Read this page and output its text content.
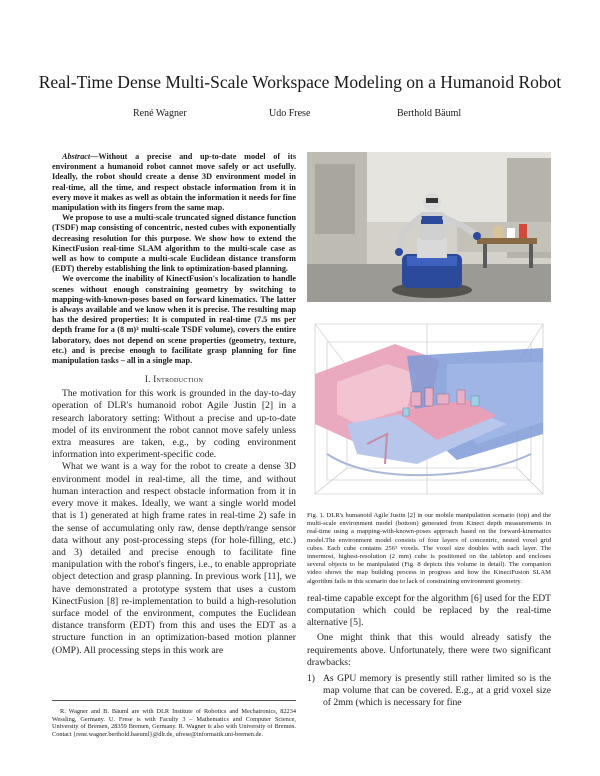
Real-Time Dense Multi-Scale Workspace Modeling on a Humanoid Robot
René Wagner	Udo Frese	Berthold Bäuml

Abstract—Without a precise and up-to-date model of its environment a humanoid robot cannot move safely or act usefully. Ideally, the robot should create a dense 3D environment model in real-time, all the time, and respect obstacle information from it in every move it makes as well as obtain the information it needs for fine manipulation with its fingers from the same map.

We propose to use a multi-scale truncated signed distance function (TSDF) map consisting of concentric, nested cubes with exponentially decreasing resolution for this purpose. We show how to extend the KinectFusion real-time SLAM algorithm to the multi-scale case as well as how to compute a multi-scale Euclidean distance transform (EDT) thereby establishing the link to optimization-based planning.

We overcome the inability of KinectFusion's localization to handle scenes without enough constraining geometry by switching to mapping-with-known-poses based on forward kinematics. The latter is always available and we know when it is precise. The resulting map has the desired properties: It is computed in real-time (7.5 ms per depth frame for a (8 m)³ multi-scale TSDF volume), covers the entire laboratory, does not depend on scene properties (geometry, texture, etc.) and is precise enough to facilitate grasp planning for fine manipulation tasks – all in a single map.

I. Introduction

The motivation for this work is grounded in the day-to-day operation of DLR's humanoid robot Agile Justin [2] in a research laboratory setting: Without a precise and up-to-date model of its environment the robot cannot move safely unless extra measures are taken, e.g., by coding environment information into experiment-specific code.

What we want is a way for the robot to create a dense 3D environment model in real-time, all the time, and without human interaction and respect obstacle information from it in every move it makes. Ideally, we want a single world model that is 1) generated at high frame rates in real-time 2) safe in the sense of accumulating only raw, dense depth/range sensor data without any post-processing steps (for hole-filling, etc.) and 3) detailed and precise enough to facilitate fine manipulation with the robot's fingers, i.e., to enable appropriate object detection and grasp planning. In previous work [11], we have demonstrated a prototype system that uses a custom KinectFusion [8] re-implementation to build a high-resolution surface model of the environment, computes the Euclidean distance transform (EDT) from this and uses the EDT as a structure function in an optimization-based motion planner (OMP). All processing steps in this work are

R. Wagner and B. Bäuml are with DLR Institute of Robotics and Mechatronics, 82234 Wessling, Germany. U. Frese is with Faculty 3 – Mathematics and Computer Science, University of Bremen, 28359 Bremen, Germany. R. Wagner is also with University of Bremen. Contact {rene.wagner.berthold.baeuml}@dlr.de, ufrese@informatik.uni-bremen.de.

Fig. 1. DLR's humanoid Agile Justin [2] in our mobile manipulation scenario (top) and the multi-scale environment model (bottom) generated from Kinect depth measurements in real-time using a mapping-with-known-poses approach based on the forward-kinematics model.The environment model consists of four layers of concentric, nested voxel grid cubes. Each cube contains 256³ voxels. The voxel size doubles with each layer. The innermost, highest-resolution (2 mm) cube is positioned on the tabletop and encloses several objects to be manipulated (Fig. 8 depicts this volume in detail). The companion video shows the map building process in progress and how the KinectFusion SLAM algorithm fails in this scenario due to lack of constraining environment geometry.

real-time capable except for the algorithm [6] used for the EDT computation which could be replaced by the real-time alternative [5].

One might think that this would already satisfy the requirements above. Unfortunately, there were two significant drawbacks:

1) As GPU memory is presently still rather limited so is the map volume that can be covered. E.g., at a grid voxel size of 2mm (which is necessary for fine
